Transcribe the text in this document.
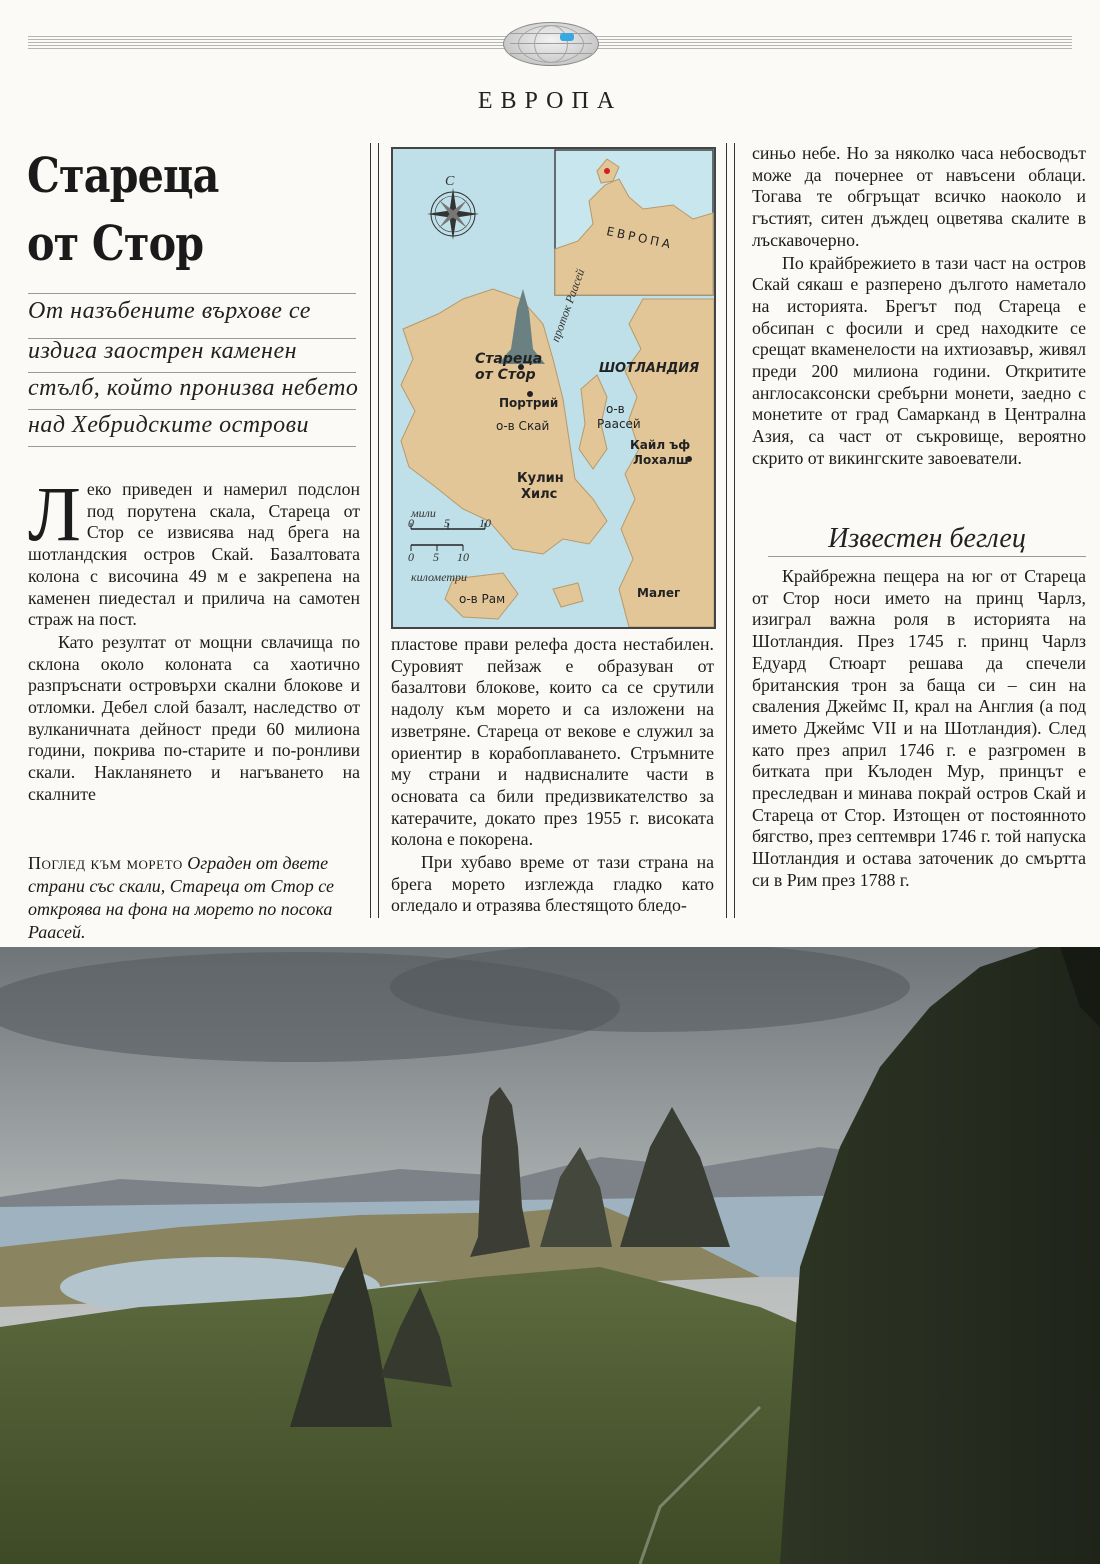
ЕВРОПА
Стареца
от Стор

От назъбените върхове се

издига заострен каменен

стълб, който пронизва небето

над Хебридските острови

Леко приведен и намерил подслон под порутена скала, Стареца от Стор се извисява над брега на шотландския остров Скай. Базалтовата колона с височина 49 м е закрепена на каменен пиедестал и прилича на самотен страж на пост.

Като резултат от мощни свлачища по склона около колоната са хаотично разпръснати островърхи скални блокове и отломки. Дебел слой базалт, наследство от вулканичната дейност преди 60 милиона години, покрива по-старите и по-ронливи скали. Накланянето и нагъването на скалните

Поглед към морето Ограден от двете страни със скали, Стареца от Стор се откроява на фона на морето по посока Раасей.
С
ЕВРОПА
Стареца
от Стор
проток Раасей
ШОТЛАНДИЯ
Портрий	о-в
Раасей
о-в Скай
Кайл ъф
Лохалш
Кулин
Хилс
мили
0	5 10
0 5 10
километри
о-в Рам	Малег

пластове прави релефа доста нестабилен. Суровият пейзаж е образуван от базалтови блокове, които са се срутили надолу към морето и са изложени на изветряне. Стареца от векове е служил за ориентир в корабоплаването. Стръмните му страни и надвисналите части в основата са били предизвикателство за катерачите, докато през 1955 г. високата колона е покорена.

При хубаво време от тази страна на брега морето изглежда гладко като огледало и отразява блестящото бледо-

синьо небе. Но за няколко часа небосводът може да почернее от навъсени облаци. Тогава те обгръщат всичко наоколо и гъстият, ситен дъждец оцветява скалите в лъскавочерно.

По крайбрежието в тази част на остров Скай сякаш е разперено дългото наметало на историята. Брегът под Стареца е обсипан с фосили и сред находките се срещат вкаменелости на ихтиозавър, живял преди 200 милиона години. Откритите англосаксонски сребърни монети, заедно с монетите от град Самарканд в Централна Азия, са част от съкровище, вероятно скрито от викингските завоеватели.

Известен беглец

Крайбрежна пещера на юг от Стареца от Стор носи името на принц Чарлз, изиграл важна роля в историята на Шотландия. През 1745 г. принц Чарлз Едуард Стюарт решава да спечели британския трон за баща си – син на сваления Джеймс II, крал на Англия (а под името Джеймс VII и на Шотландия). След като през април 1746 г. е разгромен в битката при Кълоден Мур, принцът е преследван и минава покрай остров Скай и Стареца от Стор. Изтощен от постоянното бягство, през септември 1746 г. той напуска Шотландия и остава заточеник до смъртта си в Рим през 1788 г.
